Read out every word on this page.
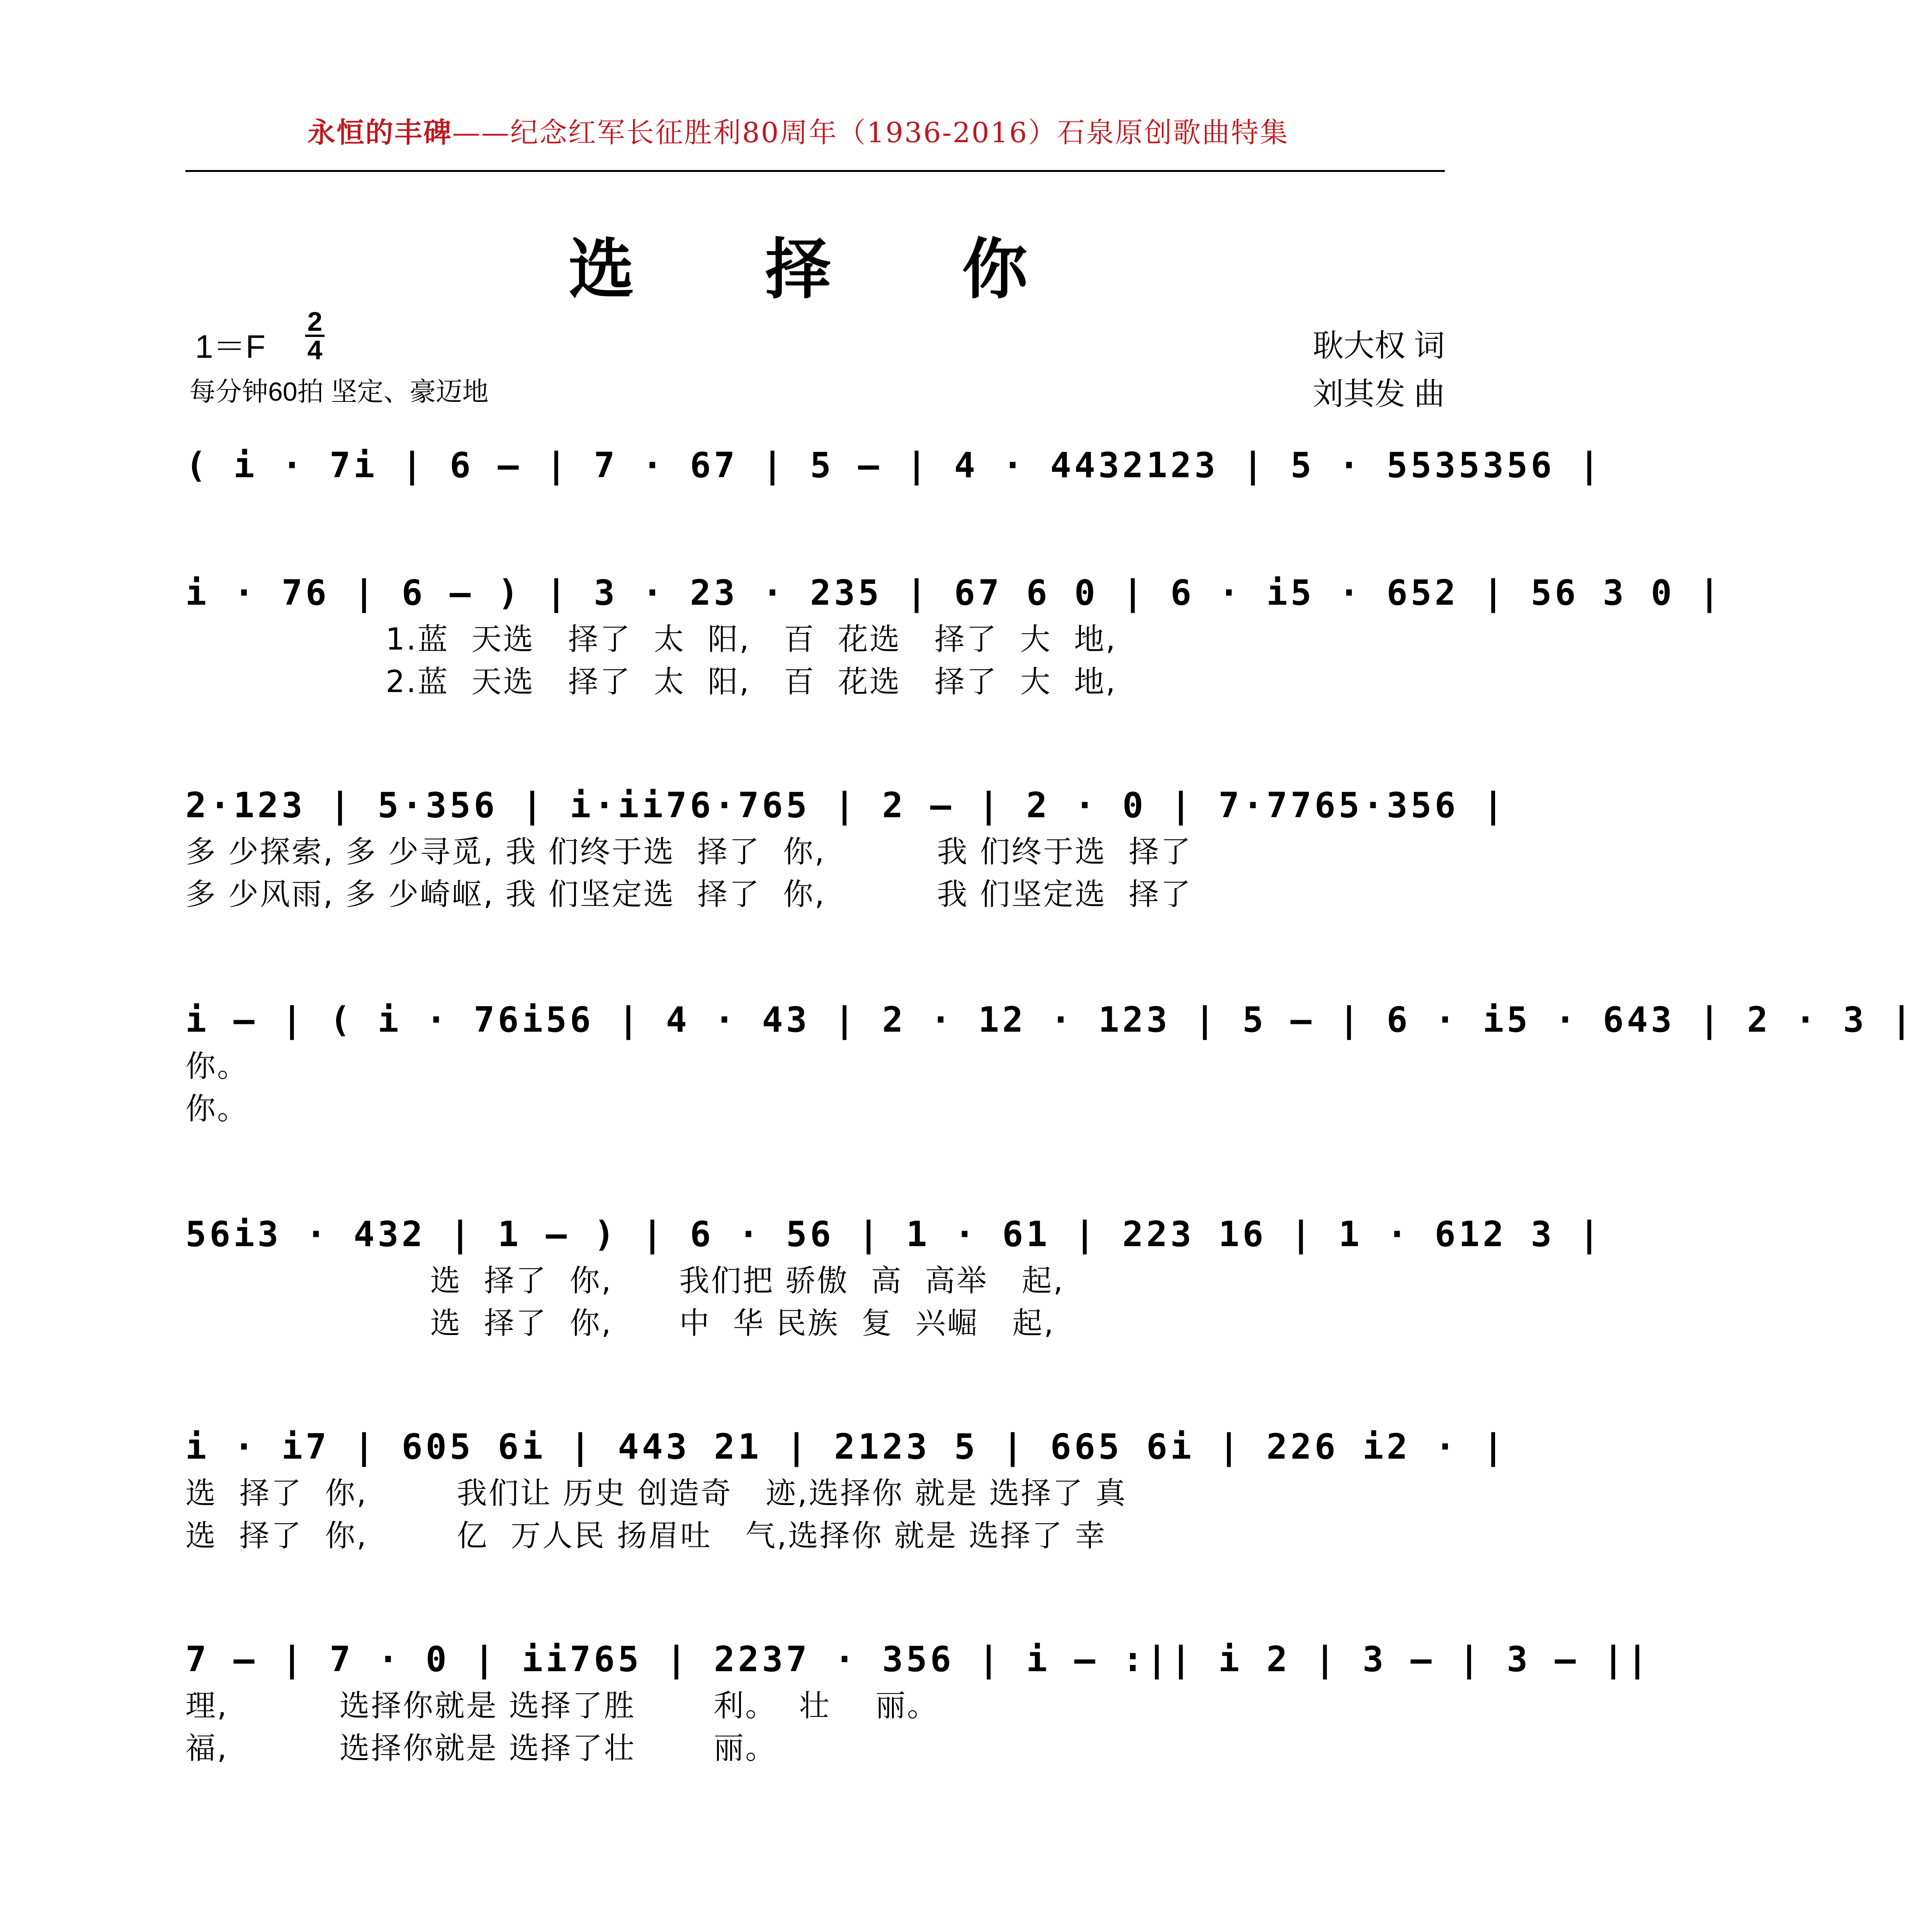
永恒的丰碑——纪念红军长征胜利80周年（1936-2016）石泉原创歌曲特集
选 择 你
1＝F
2
4
每分钟60拍 坚定、豪迈地
耿大权 词
刘其发 曲
( i · 7i | 6 — | 7 · 67 | 5 — | 4 · 4432123 | 5 · 5535356 |
i · 76 | 6 — ) | 3 · 23 · 235 | 67 6 0 | 6 · i5 · 652 | 56 3 0 |
1.蓝  天选   择了  太  阳,   百  花选   择了  大  地,
2.蓝  天选   择了  太  阳,   百  花选   择了  大  地,
2·123 | 5·356 | i·ii76·765 | 2 — | 2 · 0 | 7·7765·356 |
多 少探索, 多 少寻觅, 我 们终于选  择了  你,          我 们终于选  择了
多 少风雨, 多 少崎岖, 我 们坚定选  择了  你,          我 们坚定选  择了
i — | ( i · 76i56 | 4 · 43 | 2 · 12 · 123 | 5 — | 6 · i5 · 643 | 2 · 3 |
你。
你。
56i3 · 432 | 1 — ) | 6 · 56 | 1 · 61 | 223 16 | 1 · 612 3 |
选  择了  你,      我们把 骄傲  高  高举   起,
选  择了  你,      中  华 民族  复  兴崛   起,
i · i7 | 605 6i | 443 21 | 2123 5 | 665 6i | 226 i2 · |
选  择了  你,        我们让 历史 创造奇   迹,选择你 就是 选择了 真
选  择了  你,        亿  万人民 扬眉吐   气,选择你 就是 选择了 幸
7 — | 7 · 0 | ii765 | 2237 · 356 | i — :|| i 2 | 3 — | 3 — ||
理,          选择你就是 选择了胜       利。  壮    丽。
福,          选择你就是 选择了壮       丽。
